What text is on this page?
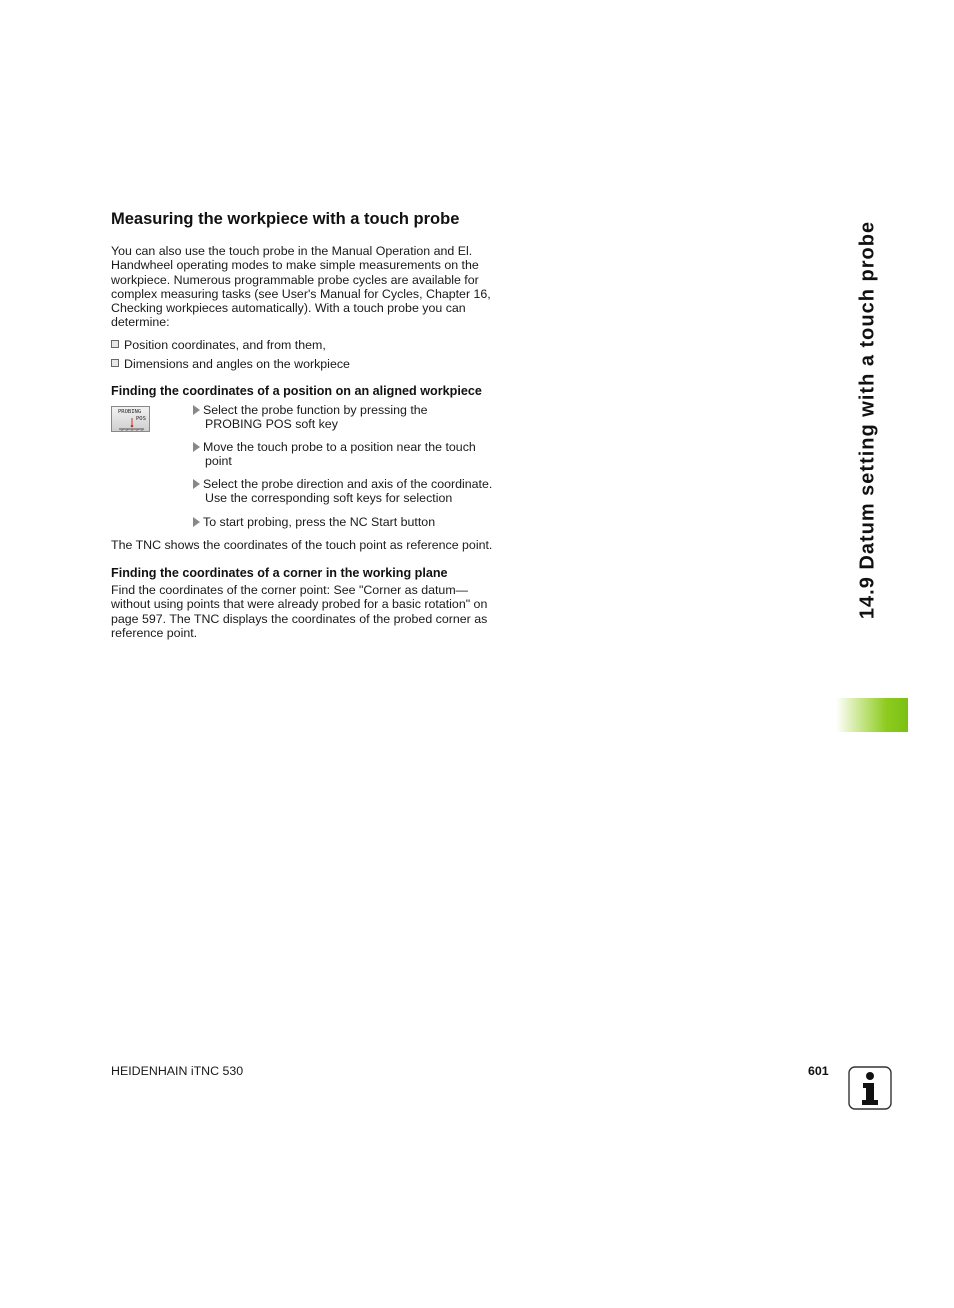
Measuring the workpiece with a touch probe
You can also use the touch probe in the Manual Operation and El.
Handwheel operating modes to make simple measurements on the
workpiece. Numerous programmable probe cycles are available for
complex measuring tasks (see User's Manual for Cycles, Chapter 16,
Checking workpieces automatically). With a touch probe you can
determine:
Position coordinates, and from them,
Dimensions and angles on the workpiece
Finding the coordinates of a position on an aligned workpiece
PROBING
POS
Select the probe function by pressing the
PROBING POS soft key
Move the touch probe to a position near the touch
point
Select the probe direction and axis of the coordinate.
Use the corresponding soft keys for selection
To start probing, press the NC Start button
The TNC shows the coordinates of the touch point as reference point.
Finding the coordinates of a corner in the working plane
Find the coordinates of the corner point: See "Corner as datum—
without using points that were already probed for a basic rotation" on
page 597. The TNC displays the coordinates of the probed corner as
reference point.
14.9 Datum setting with a touch probe
HEIDENHAIN iTNC 530	601
